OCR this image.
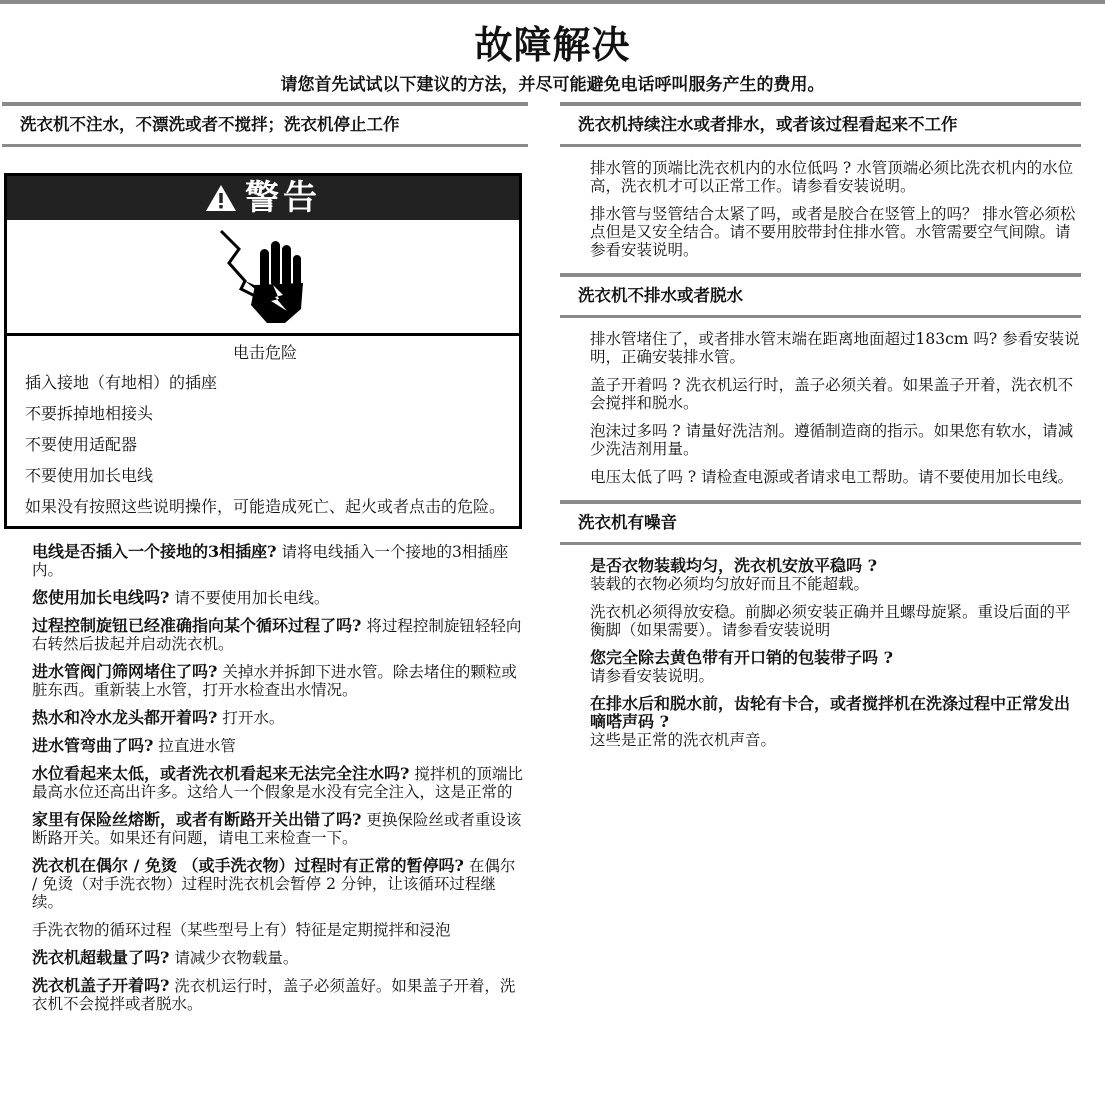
故障解决
请您首先试试以下建议的方法，并尽可能避免电话呼叫服务产生的费用。
洗衣机不注水，不漂洗或者不搅拌；洗衣机停止工作
警告
电击危险
插入接地（有地相）的插座
不要拆掉地相接头
不要使用适配器
不要使用加长电线
如果没有按照这些说明操作，可能造成死亡、起火或者点击的危险。
电线是否插入一个接地的3相插座? 请将电线插入一个接地的3相插座内。
您使用加长电线吗? 请不要使用加长电线。
过程控制旋钮已经准确指向某个循环过程了吗? 将过程控制旋钮轻轻向右转然后拔起并启动洗衣机。
进水管阀门筛网堵住了吗? 关掉水并拆卸下进水管。除去堵住的颗粒或脏东西。重新装上水管，打开水检查出水情况。
热水和冷水龙头都开着吗? 打开水。
进水管弯曲了吗? 拉直进水管
水位看起来太低，或者洗衣机看起来无法完全注水吗? 搅拌机的顶端比最高水位还高出许多。这给人一个假象是水没有完全注入，这是正常的
家里有保险丝熔断，或者有断路开关出错了吗? 更换保险丝或者重设该断路开关。如果还有问题，请电工来检查一下。
洗衣机在偶尔 / 免烫 （或手洗衣物）过程时有正常的暂停吗? 在偶尔 / 免烫（对手洗衣物）过程时洗衣机会暂停 2 分钟，让该循环过程继续。
手洗衣物的循环过程（某些型号上有）特征是定期搅拌和浸泡
洗衣机超载量了吗? 请减少衣物载量。
洗衣机盖子开着吗? 洗衣机运行时，盖子必须盖好。如果盖子开着，洗衣机不会搅拌或者脱水。
洗衣机持续注水或者排水，或者该过程看起来不工作
排水管的顶端比洗衣机内的水位低吗 ? 水管顶端必须比洗衣机内的水位高，洗衣机才可以正常工作。请参看安装说明。
排水管与竖管结合太紧了吗，或者是胶合在竖管上的吗？ 排水管必须松点但是又安全结合。请不要用胶带封住排水管。水管需要空气间隙。请参看安装说明。
洗衣机不排水或者脱水
排水管堵住了，或者排水管末端在距离地面超过183cm 吗? 参看安装说明，正确安装排水管。
盖子开着吗 ? 洗衣机运行时，盖子必须关着。如果盖子开着，洗衣机不会搅拌和脱水。
泡沫过多吗 ? 请量好洗洁剂。遵循制造商的指示。如果您有软水，请减少洗洁剂用量。
电压太低了吗 ? 请检查电源或者请求电工帮助。请不要使用加长电线。
洗衣机有噪音
是否衣物装载均匀，洗衣机安放平稳吗 ?
装载的衣物必须均匀放好而且不能超载。
洗衣机必须得放安稳。前脚必须安装正确并且螺母旋紧。重设后面的平衡脚（如果需要）。请参看安装说明
您完全除去黄色带有开口销的包装带子吗 ?
请参看安装说明。
在排水后和脱水前，齿轮有卡合，或者搅拌机在洗涤过程中正常发出嘀嗒声码 ?
这些是正常的洗衣机声音。
